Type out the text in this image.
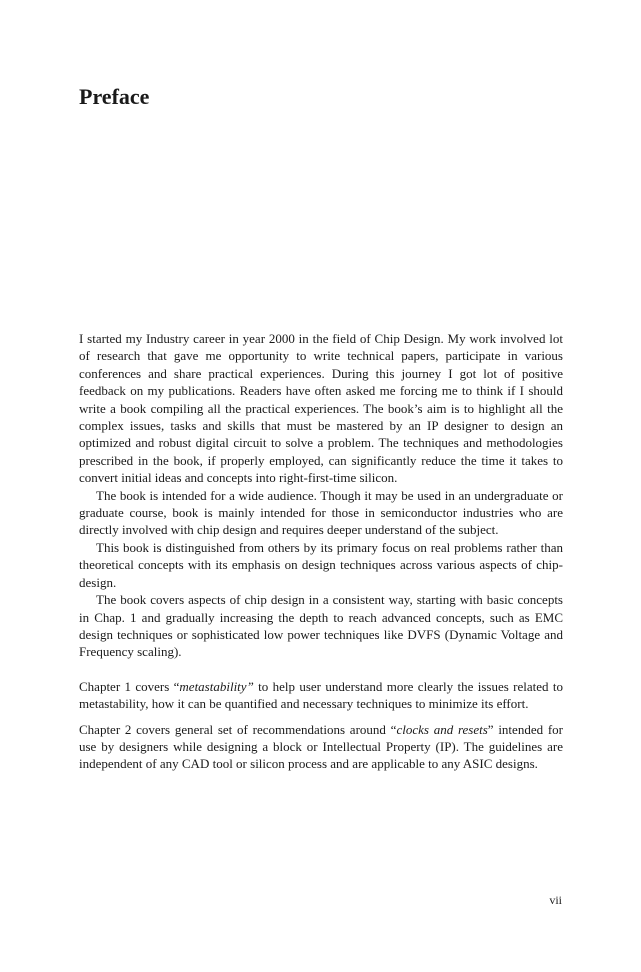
Preface

I started my Industry career in year 2000 in the field of Chip Design. My work involved lot of research that gave me opportunity to write technical papers, participate in various conferences and share practical experiences. During this journey I got lot of positive feedback on my publications. Readers have often asked me forcing me to think if I should write a book compiling all the practical experiences. The book’s aim is to highlight all the complex issues, tasks and skills that must be mastered by an IP designer to design an optimized and robust digital circuit to solve a problem. The techniques and methodologies prescribed in the book, if properly employed, can significantly reduce the time it takes to convert initial ideas and concepts into right-first-time silicon.

The book is intended for a wide audience. Though it may be used in an undergraduate or graduate course, book is mainly intended for those in semiconductor industries who are directly involved with chip design and requires deeper understand of the subject.

This book is distinguished from others by its primary focus on real problems rather than theoretical concepts with its emphasis on design techniques across various aspects of chip-design.

The book covers aspects of chip design in a consistent way, starting with basic concepts in Chap. 1 and gradually increasing the depth to reach advanced concepts, such as EMC design techniques or sophisticated low power techniques like DVFS (Dynamic Voltage and Frequency scaling).

Chapter 1 covers “metastability” to help user understand more clearly the issues related to metastability, how it can be quantified and necessary techniques to minimize its effort.

Chapter 2 covers general set of recommendations around “clocks and resets” intended for use by designers while designing a block or Intellectual Property (IP). The guidelines are independent of any CAD tool or silicon process and are applicable to any ASIC designs.

vii
